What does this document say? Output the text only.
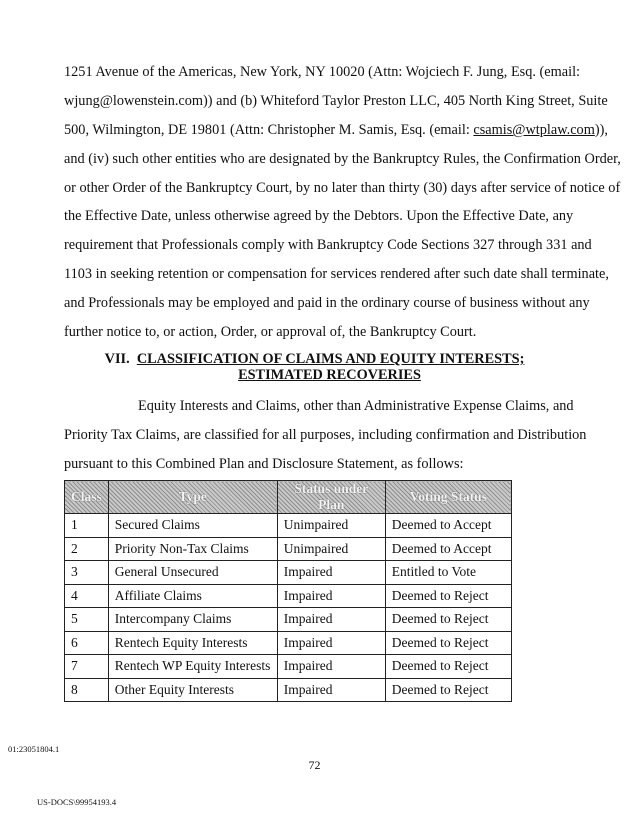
1251 Avenue of the Americas, New York, NY 10020 (Attn: Wojciech F. Jung, Esq. (email:
wjung@lowenstein.com)) and (b) Whiteford Taylor Preston LLC, 405 North King Street, Suite
500, Wilmington, DE 19801 (Attn: Christopher M. Samis, Esq. (email: csamis@wtplaw.com)),
and (iv) such other entities who are designated by the Bankruptcy Rules, the Confirmation Order,
or other Order of the Bankruptcy Court, by no later than thirty (30) days after service of notice of
the Effective Date, unless otherwise agreed by the Debtors. Upon the Effective Date, any
requirement that Professionals comply with Bankruptcy Code Sections 327 through 331 and
1103 in seeking retention or compensation for services rendered after such date shall terminate,
and Professionals may be employed and paid in the ordinary course of business without any
further notice to, or action, Order, or approval of, the Bankruptcy Court.
VII. CLASSIFICATION OF CLAIMS AND EQUITY INTERESTS;
ESTIMATED RECOVERIES
Equity Interests and Claims, other than Administrative Expense Claims, and
Priority Tax Claims, are classified for all purposes, including confirmation and Distribution
pursuant to this Combined Plan and Disclosure Statement, as follows:
Class	Type	Status under Plan	Voting Status
1	Secured Claims	Unimpaired	Deemed to Accept
2	Priority Non-Tax Claims	Unimpaired	Deemed to Accept
3	General Unsecured	Impaired	Entitled to Vote
4	Affiliate Claims	Impaired	Deemed to Reject
5	Intercompany Claims	Impaired	Deemed to Reject
6	Rentech Equity Interests	Impaired	Deemed to Reject
7	Rentech WP Equity Interests	Impaired	Deemed to Reject
8	Other Equity Interests	Impaired	Deemed to Reject
01:23051804.1
72
US-DOCS\99954193.4
